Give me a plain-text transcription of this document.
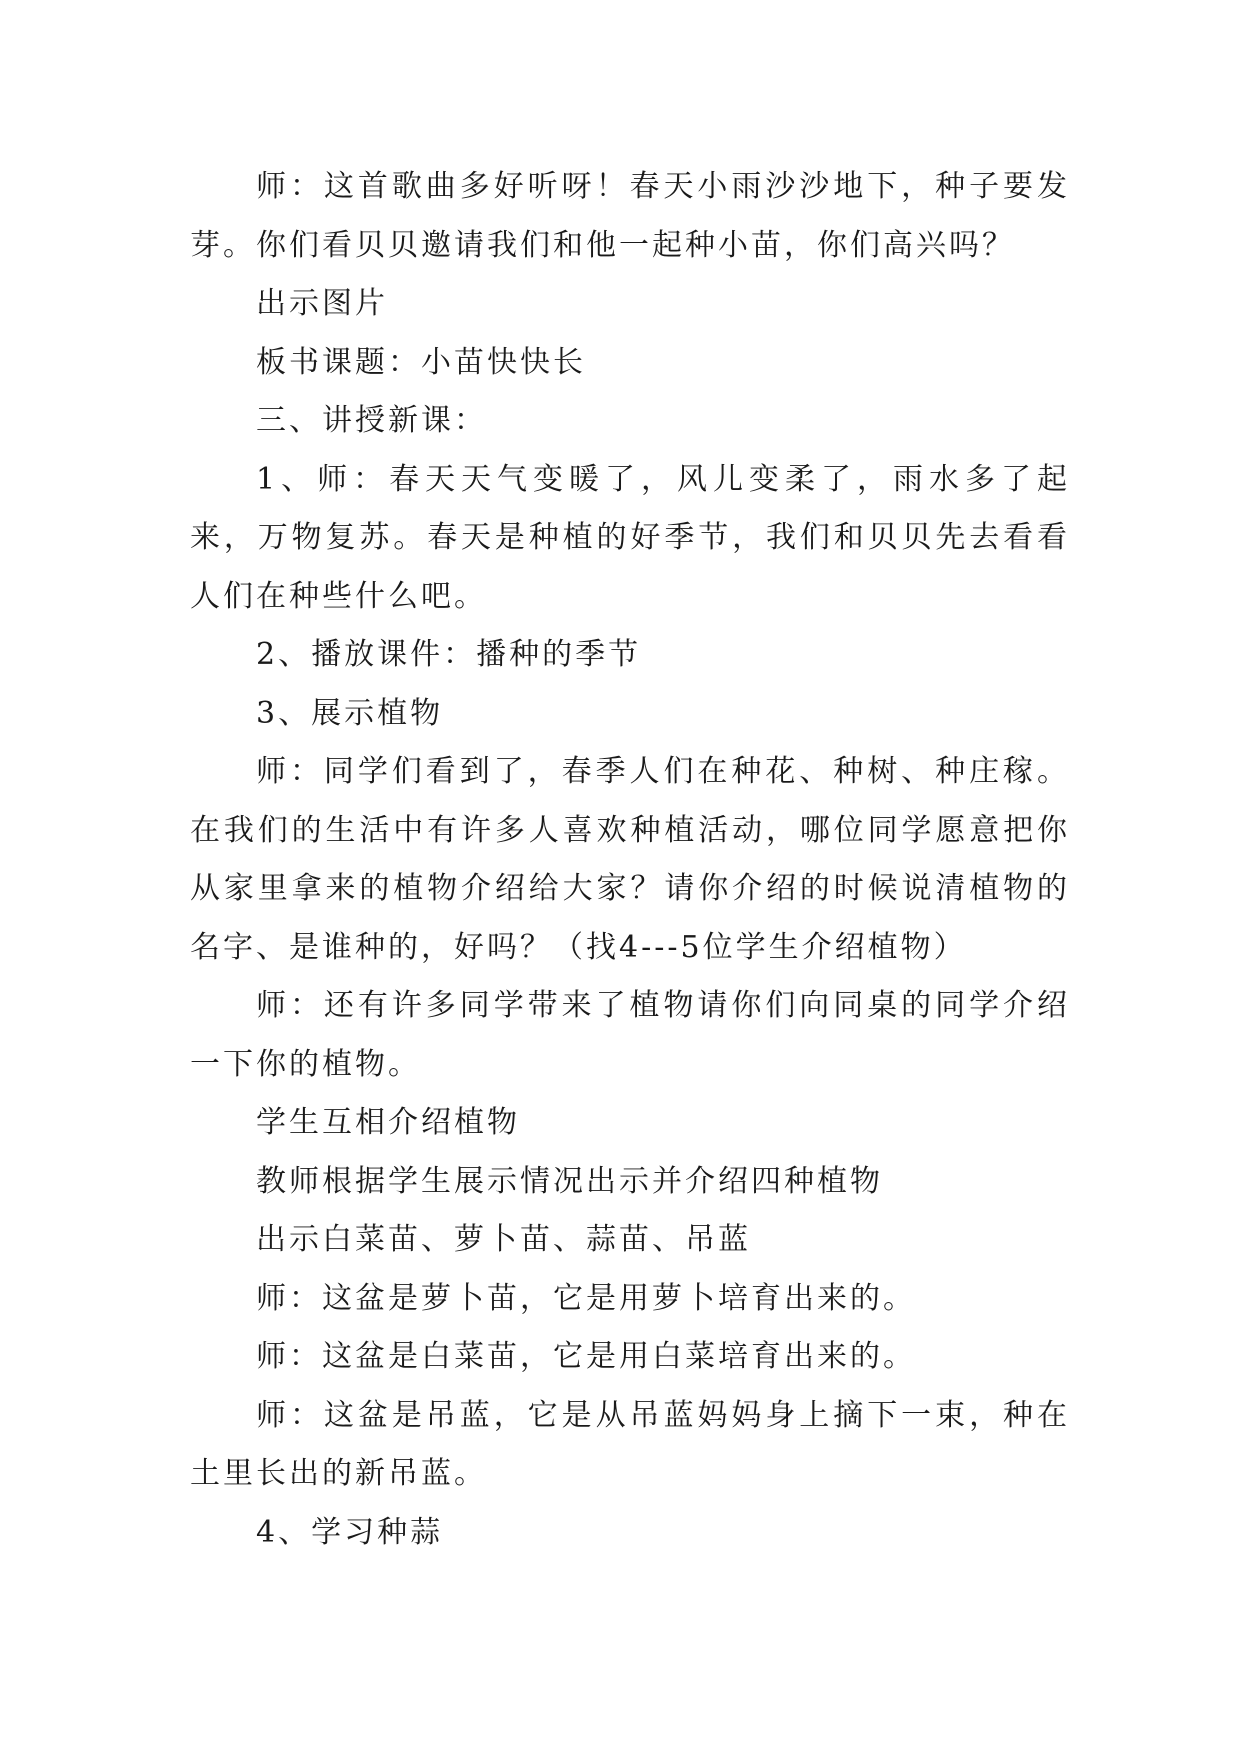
师：这首歌曲多好听呀！春天小雨沙沙地下，种子要发芽。你们看贝贝邀请我们和他一起种小苗，你们高兴吗？

出示图片

板书课题：小苗快快长

三、讲授新课：

1、师：春天天气变暖了，风儿变柔了，雨水多了起来，万物复苏。春天是种植的好季节，我们和贝贝先去看看人们在种些什么吧。

2、播放课件：播种的季节

3、展示植物

师：同学们看到了，春季人们在种花、种树、种庄稼。在我们的生活中有许多人喜欢种植活动，哪位同学愿意把你从家里拿来的植物介绍给大家？请你介绍的时候说清植物的名字、是谁种的，好吗？（找4---5位学生介绍植物）

师：还有许多同学带来了植物请你们向同桌的同学介绍一下你的植物。

学生互相介绍植物

教师根据学生展示情况出示并介绍四种植物

出示白菜苗、萝卜苗、蒜苗、吊蓝

师：这盆是萝卜苗，它是用萝卜培育出来的。

师：这盆是白菜苗，它是用白菜培育出来的。

师：这盆是吊蓝，它是从吊蓝妈妈身上摘下一束，种在土里长出的新吊蓝。

4、学习种蒜
